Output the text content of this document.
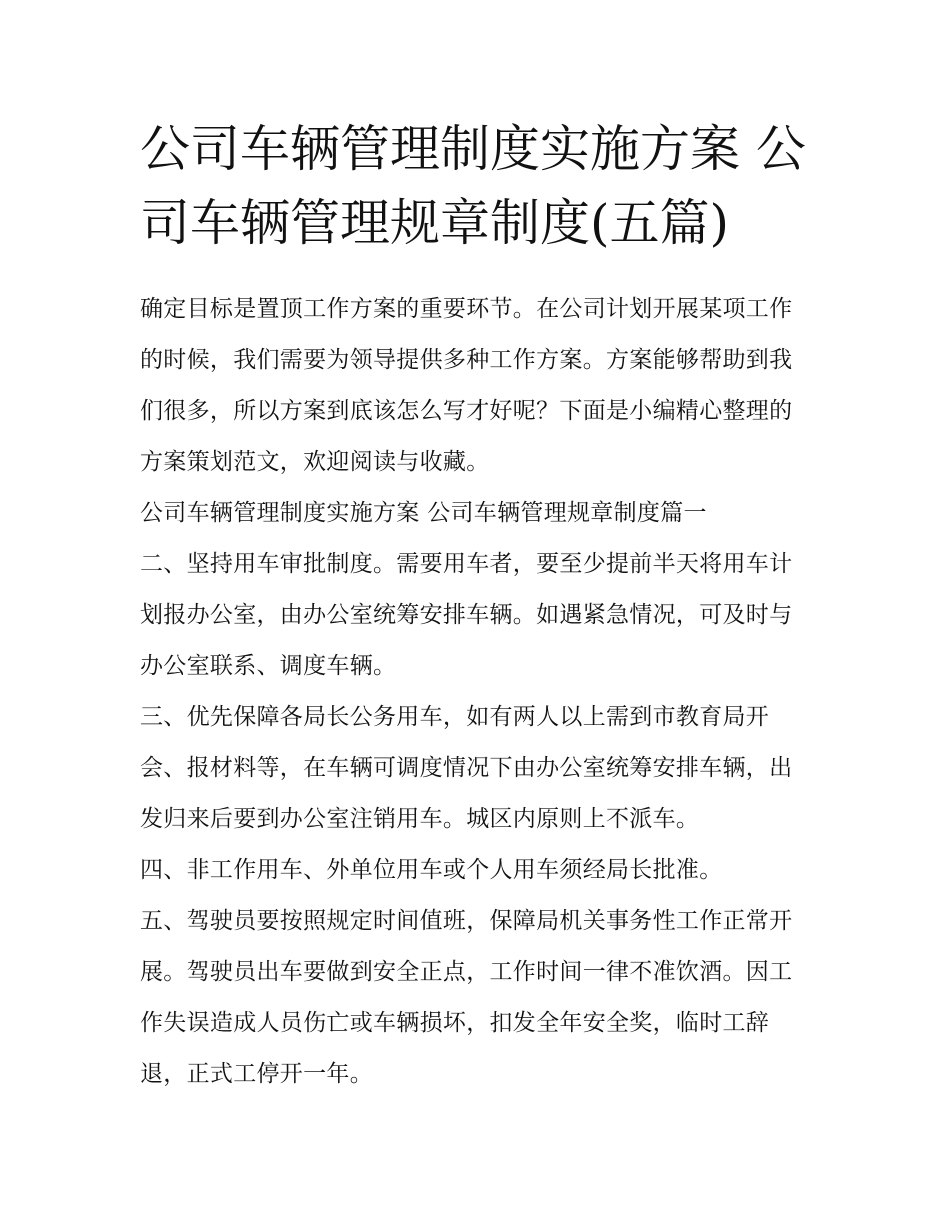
公司车辆管理制度实施方案 公司车辆管理规章制度(五篇)

确定目标是置顶工作方案的重要环节。在公司计划开展某项工作的时候，我们需要为领导提供多种工作方案。方案能够帮助到我们很多，所以方案到底该怎么写才好呢？下面是小编精心整理的方案策划范文，欢迎阅读与收藏。

公司车辆管理制度实施方案 公司车辆管理规章制度篇一

二、坚持用车审批制度。需要用车者，要至少提前半天将用车计划报办公室，由办公室统筹安排车辆。如遇紧急情况，可及时与办公室联系、调度车辆。

三、优先保障各局长公务用车，如有两人以上需到市教育局开会、报材料等，在车辆可调度情况下由办公室统筹安排车辆，出发归来后要到办公室注销用车。城区内原则上不派车。

四、非工作用车、外单位用车或个人用车须经局长批准。

五、驾驶员要按照规定时间值班，保障局机关事务性工作正常开展。驾驶员出车要做到安全正点，工作时间一律不准饮酒。因工作失误造成人员伤亡或车辆损坏，扣发全年安全奖，临时工辞退，正式工停开一年。
